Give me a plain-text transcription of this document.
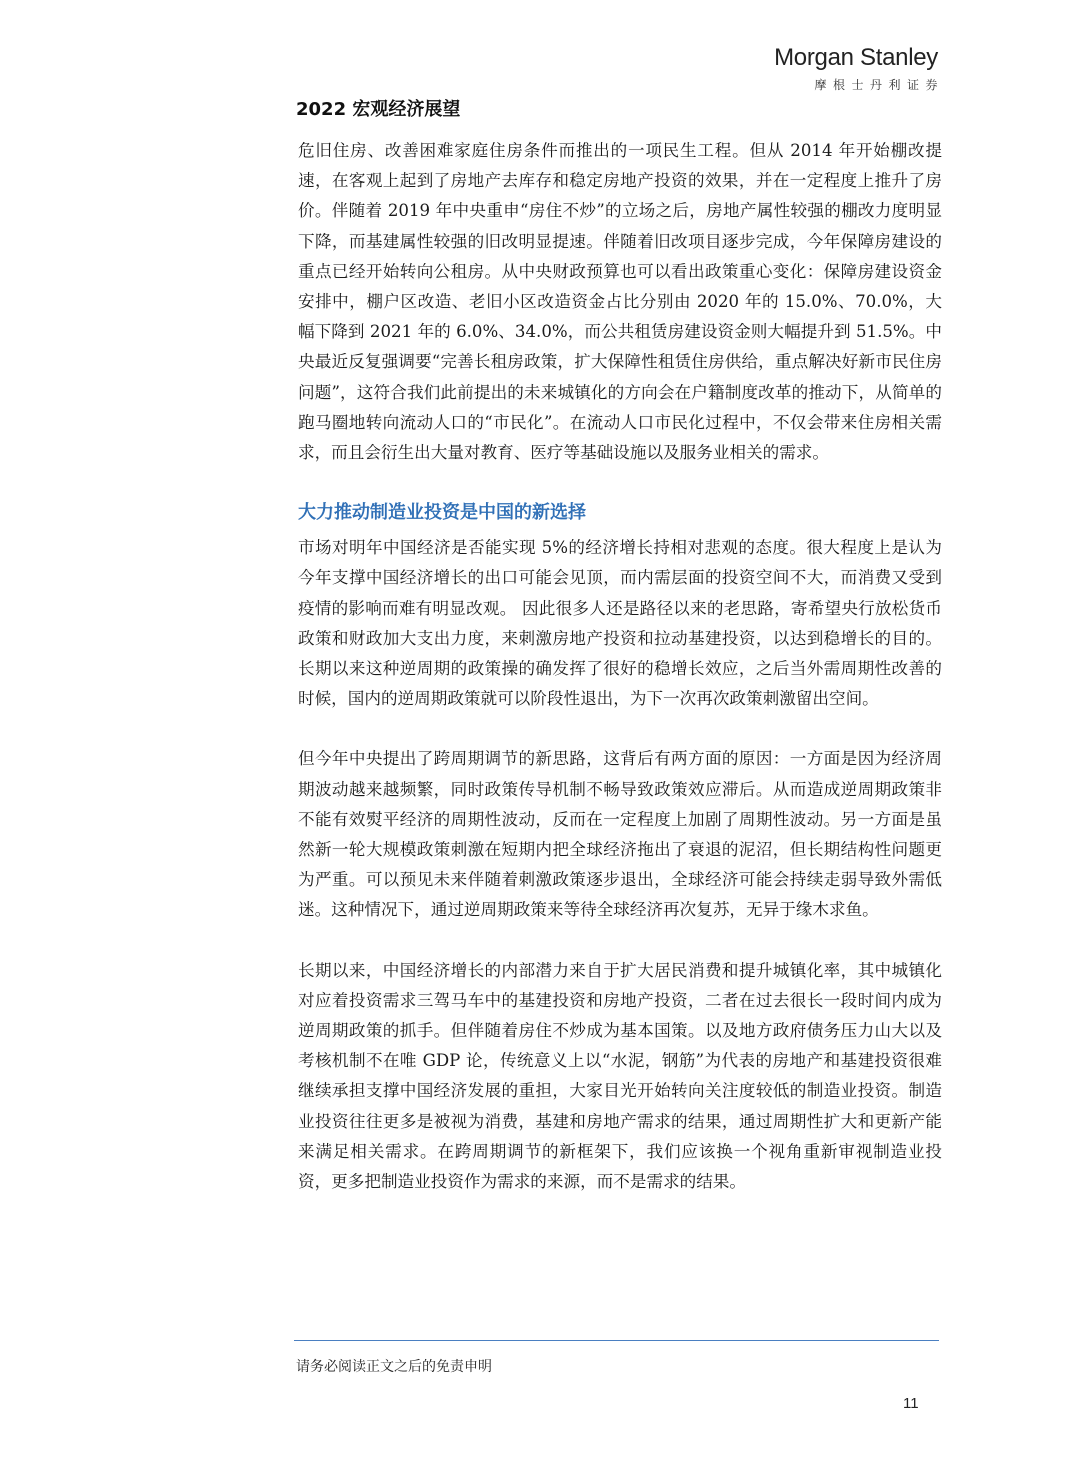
Morgan Stanley
摩根士丹利证券
2022 宏观经济展望

危旧住房、改善困难家庭住房条件而推出的一项民生工程。但从 2014 年开始棚改提速，在客观上起到了房地产去库存和稳定房地产投资的效果，并在一定程度上推升了房价。伴随着 2019 年中央重申“房住不炒”的立场之后，房地产属性较强的棚改力度明显下降，而基建属性较强的旧改明显提速。伴随着旧改项目逐步完成，今年保障房建设的重点已经开始转向公租房。从中央财政预算也可以看出政策重心变化：保障房建设资金安排中，棚户区改造、老旧小区改造资金占比分别由 2020 年的 15.0%、70.0%，大幅下降到 2021 年的 6.0%、34.0%，而公共租赁房建设资金则大幅提升到 51.5%。中央最近反复强调要“完善长租房政策，扩大保障性租赁住房供给，重点解决好新市民住房问题”，这符合我们此前提出的未来城镇化的方向会在户籍制度改革的推动下，从简单的跑马圈地转向流动人口的“市民化”。在流动人口市民化过程中，不仅会带来住房相关需求，而且会衍生出大量对教育、医疗等基础设施以及服务业相关的需求。

大力推动制造业投资是中国的新选择

市场对明年中国经济是否能实现 5%的经济增长持相对悲观的态度。很大程度上是认为今年支撑中国经济增长的出口可能会见顶，而内需层面的投资空间不大，而消费又受到疫情的影响而难有明显改观。 因此很多人还是路径以来的老思路，寄希望央行放松货币政策和财政加大支出力度，来刺激房地产投资和拉动基建投资，以达到稳增长的目的。长期以来这种逆周期的政策操的确发挥了很好的稳增长效应，之后当外需周期性改善的时候，国内的逆周期政策就可以阶段性退出，为下一次再次政策刺激留出空间。

但今年中央提出了跨周期调节的新思路，这背后有两方面的原因：一方面是因为经济周期波动越来越频繁，同时政策传导机制不畅导致政策效应滞后。从而造成逆周期政策非不能有效熨平经济的周期性波动，反而在一定程度上加剧了周期性波动。另一方面是虽然新一轮大规模政策刺激在短期内把全球经济拖出了衰退的泥沼，但长期结构性问题更为严重。可以预见未来伴随着刺激政策逐步退出，全球经济可能会持续走弱导致外需低迷。这种情况下，通过逆周期政策来等待全球经济再次复苏，无异于缘木求鱼。

长期以来，中国经济增长的内部潜力来自于扩大居民消费和提升城镇化率，其中城镇化对应着投资需求三驾马车中的基建投资和房地产投资，二者在过去很长一段时间内成为逆周期政策的抓手。但伴随着房住不炒成为基本国策。以及地方政府债务压力山大以及考核机制不在唯 GDP 论，传统意义上以“水泥，钢筋”为代表的房地产和基建投资很难继续承担支撑中国经济发展的重担，大家目光开始转向关注度较低的制造业投资。制造业投资往往更多是被视为消费，基建和房地产需求的结果，通过周期性扩大和更新产能来满足相关需求。在跨周期调节的新框架下，我们应该换一个视角重新审视制造业投资，更多把制造业投资作为需求的来源，而不是需求的结果。

请务必阅读正文之后的免责申明
11
